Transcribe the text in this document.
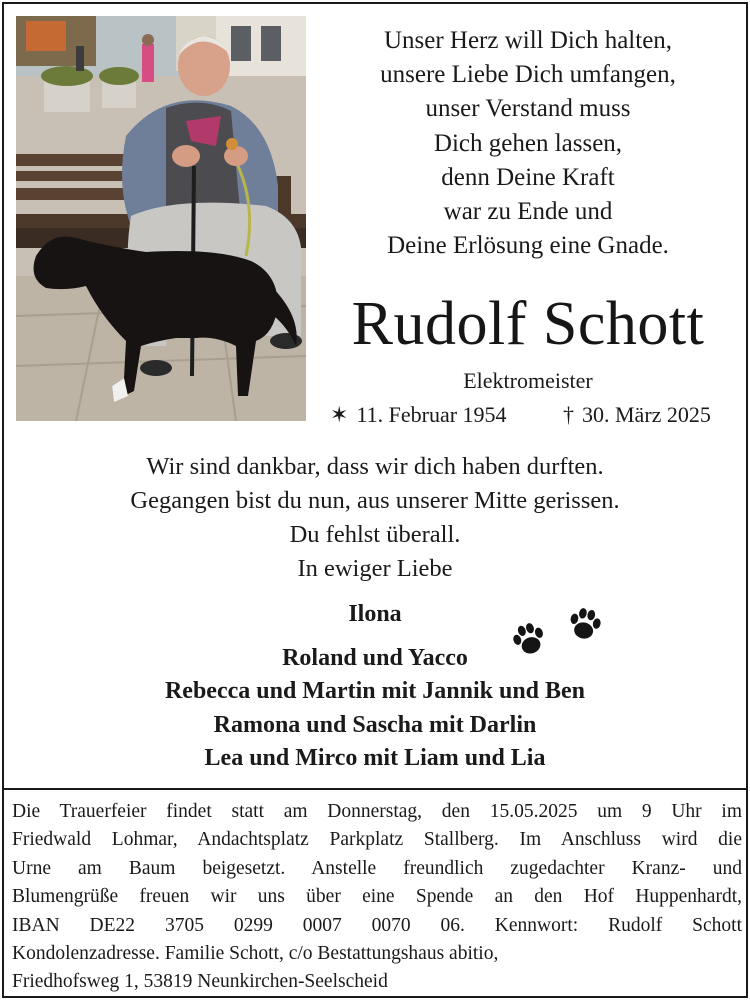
Unser Herz will Dich halten,
unsere Liebe Dich umfangen,
unser Verstand muss
Dich gehen lassen,
denn Deine Kraft
war zu Ende und
Deine Erlösung eine Gnade.
Rudolf Schott
Elektromeister
✶ 11. Februar 1954	† 30. März 2025
Wir sind dankbar, dass wir dich haben durften.
Gegangen bist du nun, aus unserer Mitte gerissen.
Du fehlst überall.
In ewiger Liebe
Ilona
Roland und Yacco
Rebecca und Martin mit Jannik und Ben
Ramona und Sascha mit Darlin
Lea und Mirco mit Liam und Lia
Die Trauerfeier findet statt am Donnerstag, den 15.05.2025 um 9 Uhr im
Friedwald Lohmar, Andachtsplatz Parkplatz Stallberg. Im Anschluss wird die
Urne am Baum beigesetzt. Anstelle freundlich zugedachter Kranz- und
Blumengrüße freuen wir uns über eine Spende an den Hof Huppenhardt,
IBAN DE22 3705 0299 0007 0070 06. Kennwort: Rudolf Schott
Kondolenzadresse. Familie Schott, c/o Bestattungshaus abitio,
Friedhofsweg 1, 53819 Neunkirchen-Seelscheid
